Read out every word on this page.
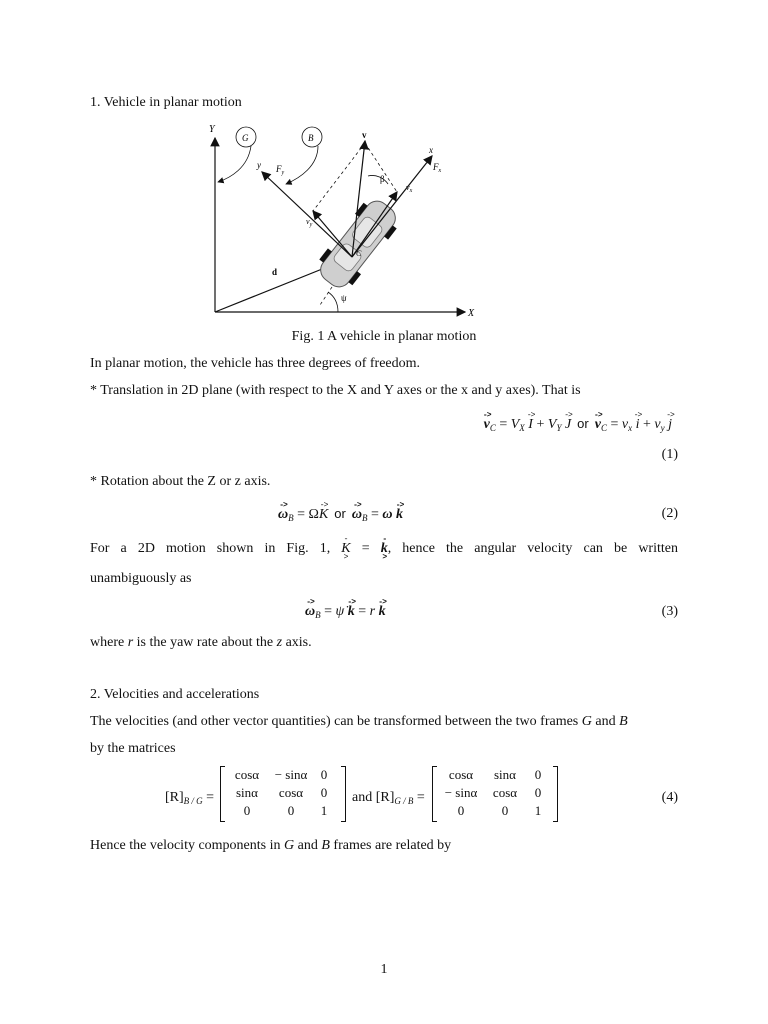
1. Vehicle in planar motion
Y
X
G	B
x
y
v
$F_x$
$F_y$
$v_x$
$v_y$
β
ψ
d
C
Fig. 1 A vehicle in planar motion
In planar motion, the vehicle has three degrees of freedom.
* Translation in 2D plane (with respect to the X and Y axes or the x and y axes). That is
-> $v_C = V_X -> I + V_Y -> J$ $or-> v_C = v_x -> i + v_y -> j$
(1)
* Rotation about the Z or z axis.
-> $\omega_B = \Omega-> K$ $or-> \omega_B = \omega -> k$	(2)
For a 2D motion shown in Fig. 1, -> K = -> k, hence the angular velocity can be written
unambiguously as
-> $\omega_B$ = ψ̇ -> k = r -> k	(3)
where r is the yaw rate about the z axis.
2. Velocities and accelerations
The velocities (and other vector quantities) can be transformed between the two frames G and B
by the matrices
$[R]_{B / G}$ =
cosα	− sinα	0
sinα	cosα	0
0	0	1
and $[R]_{G / B}$ =
cosα	sinα	0
− sinα	cosα	0
0	0	1
(4)
Hence the velocity components in G and B frames are related by
1
